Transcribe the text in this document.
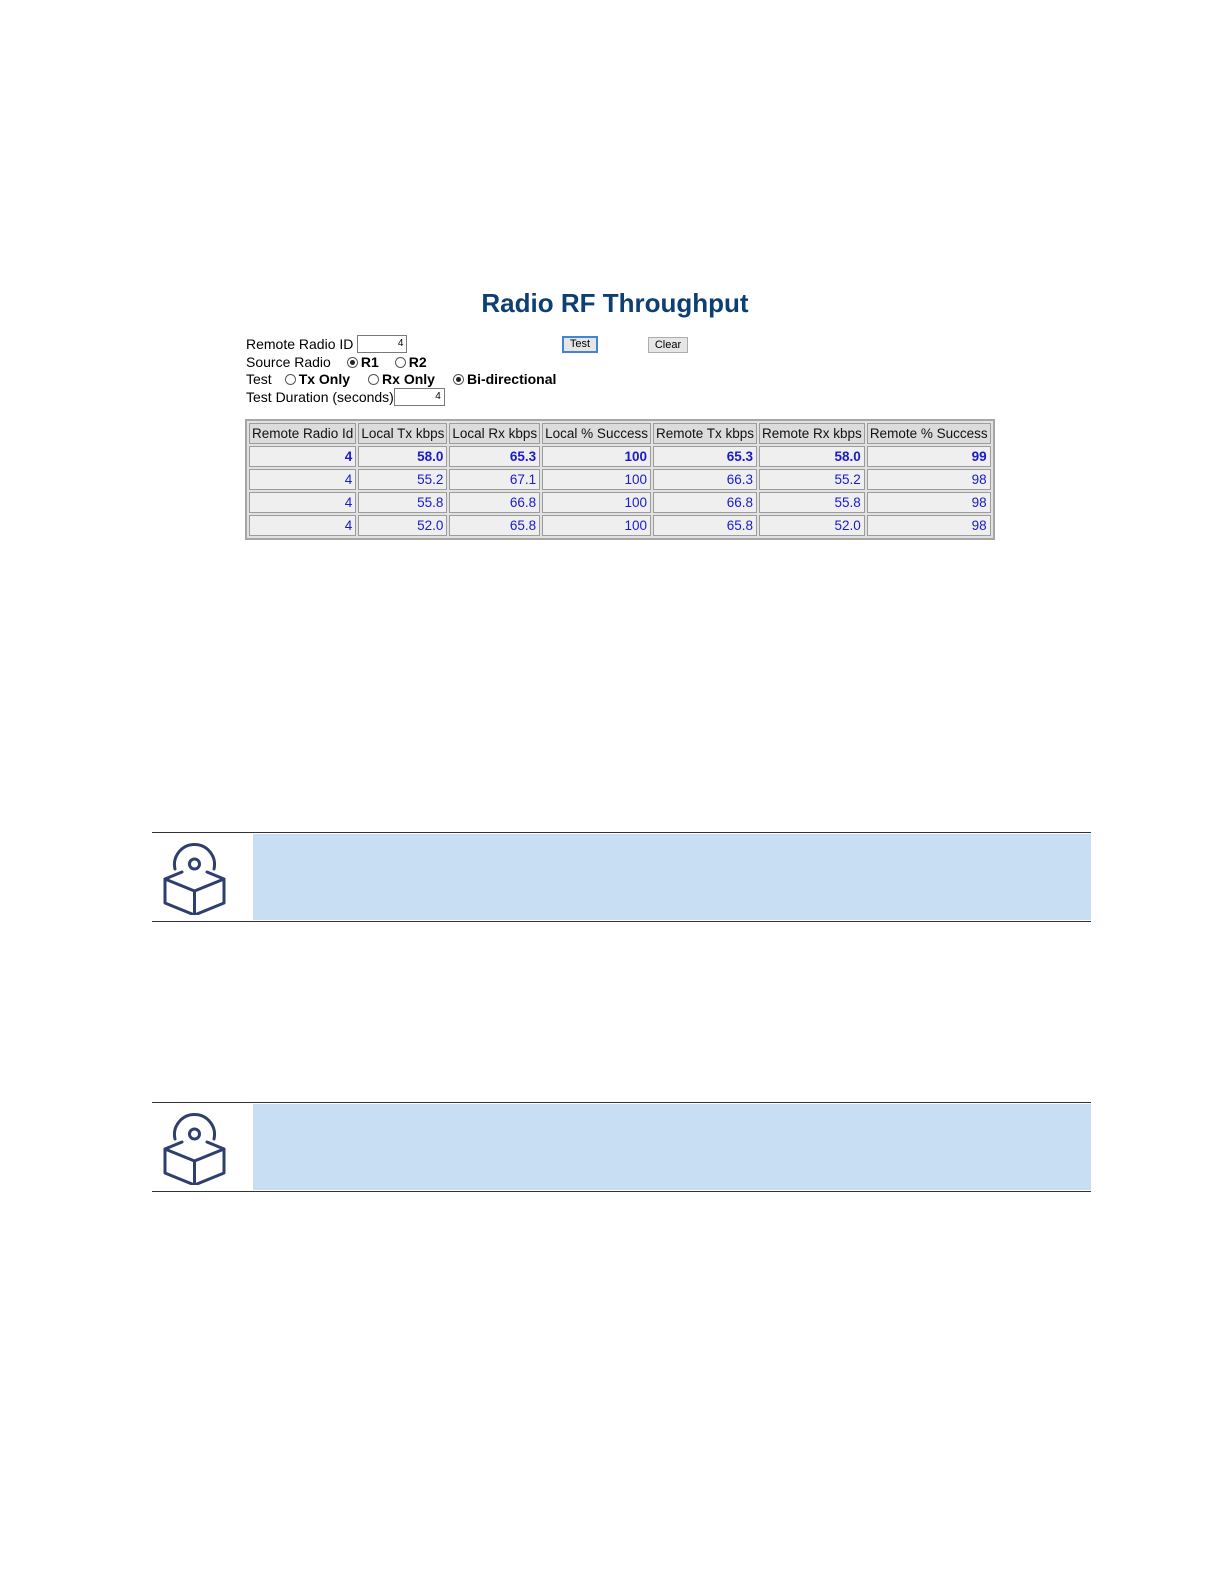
Radio RF Throughput
Remote Radio ID	4	Test	Clear
Source Radio R1 R2
Test Tx Only Rx Only Bi-directional
Test Duration (seconds)	4
Remote Radio Id	Local Tx kbps	Local Rx kbps	Local % Success	Remote Tx kbps	Remote Rx kbps	Remote % Success
4	58.0	65.3	100	65.3	58.0	99
4	55.2	67.1	100	66.3	55.2	98
4	55.8	66.8	100	66.8	55.8	98
4	52.0	65.8	100	65.8	52.0	98
